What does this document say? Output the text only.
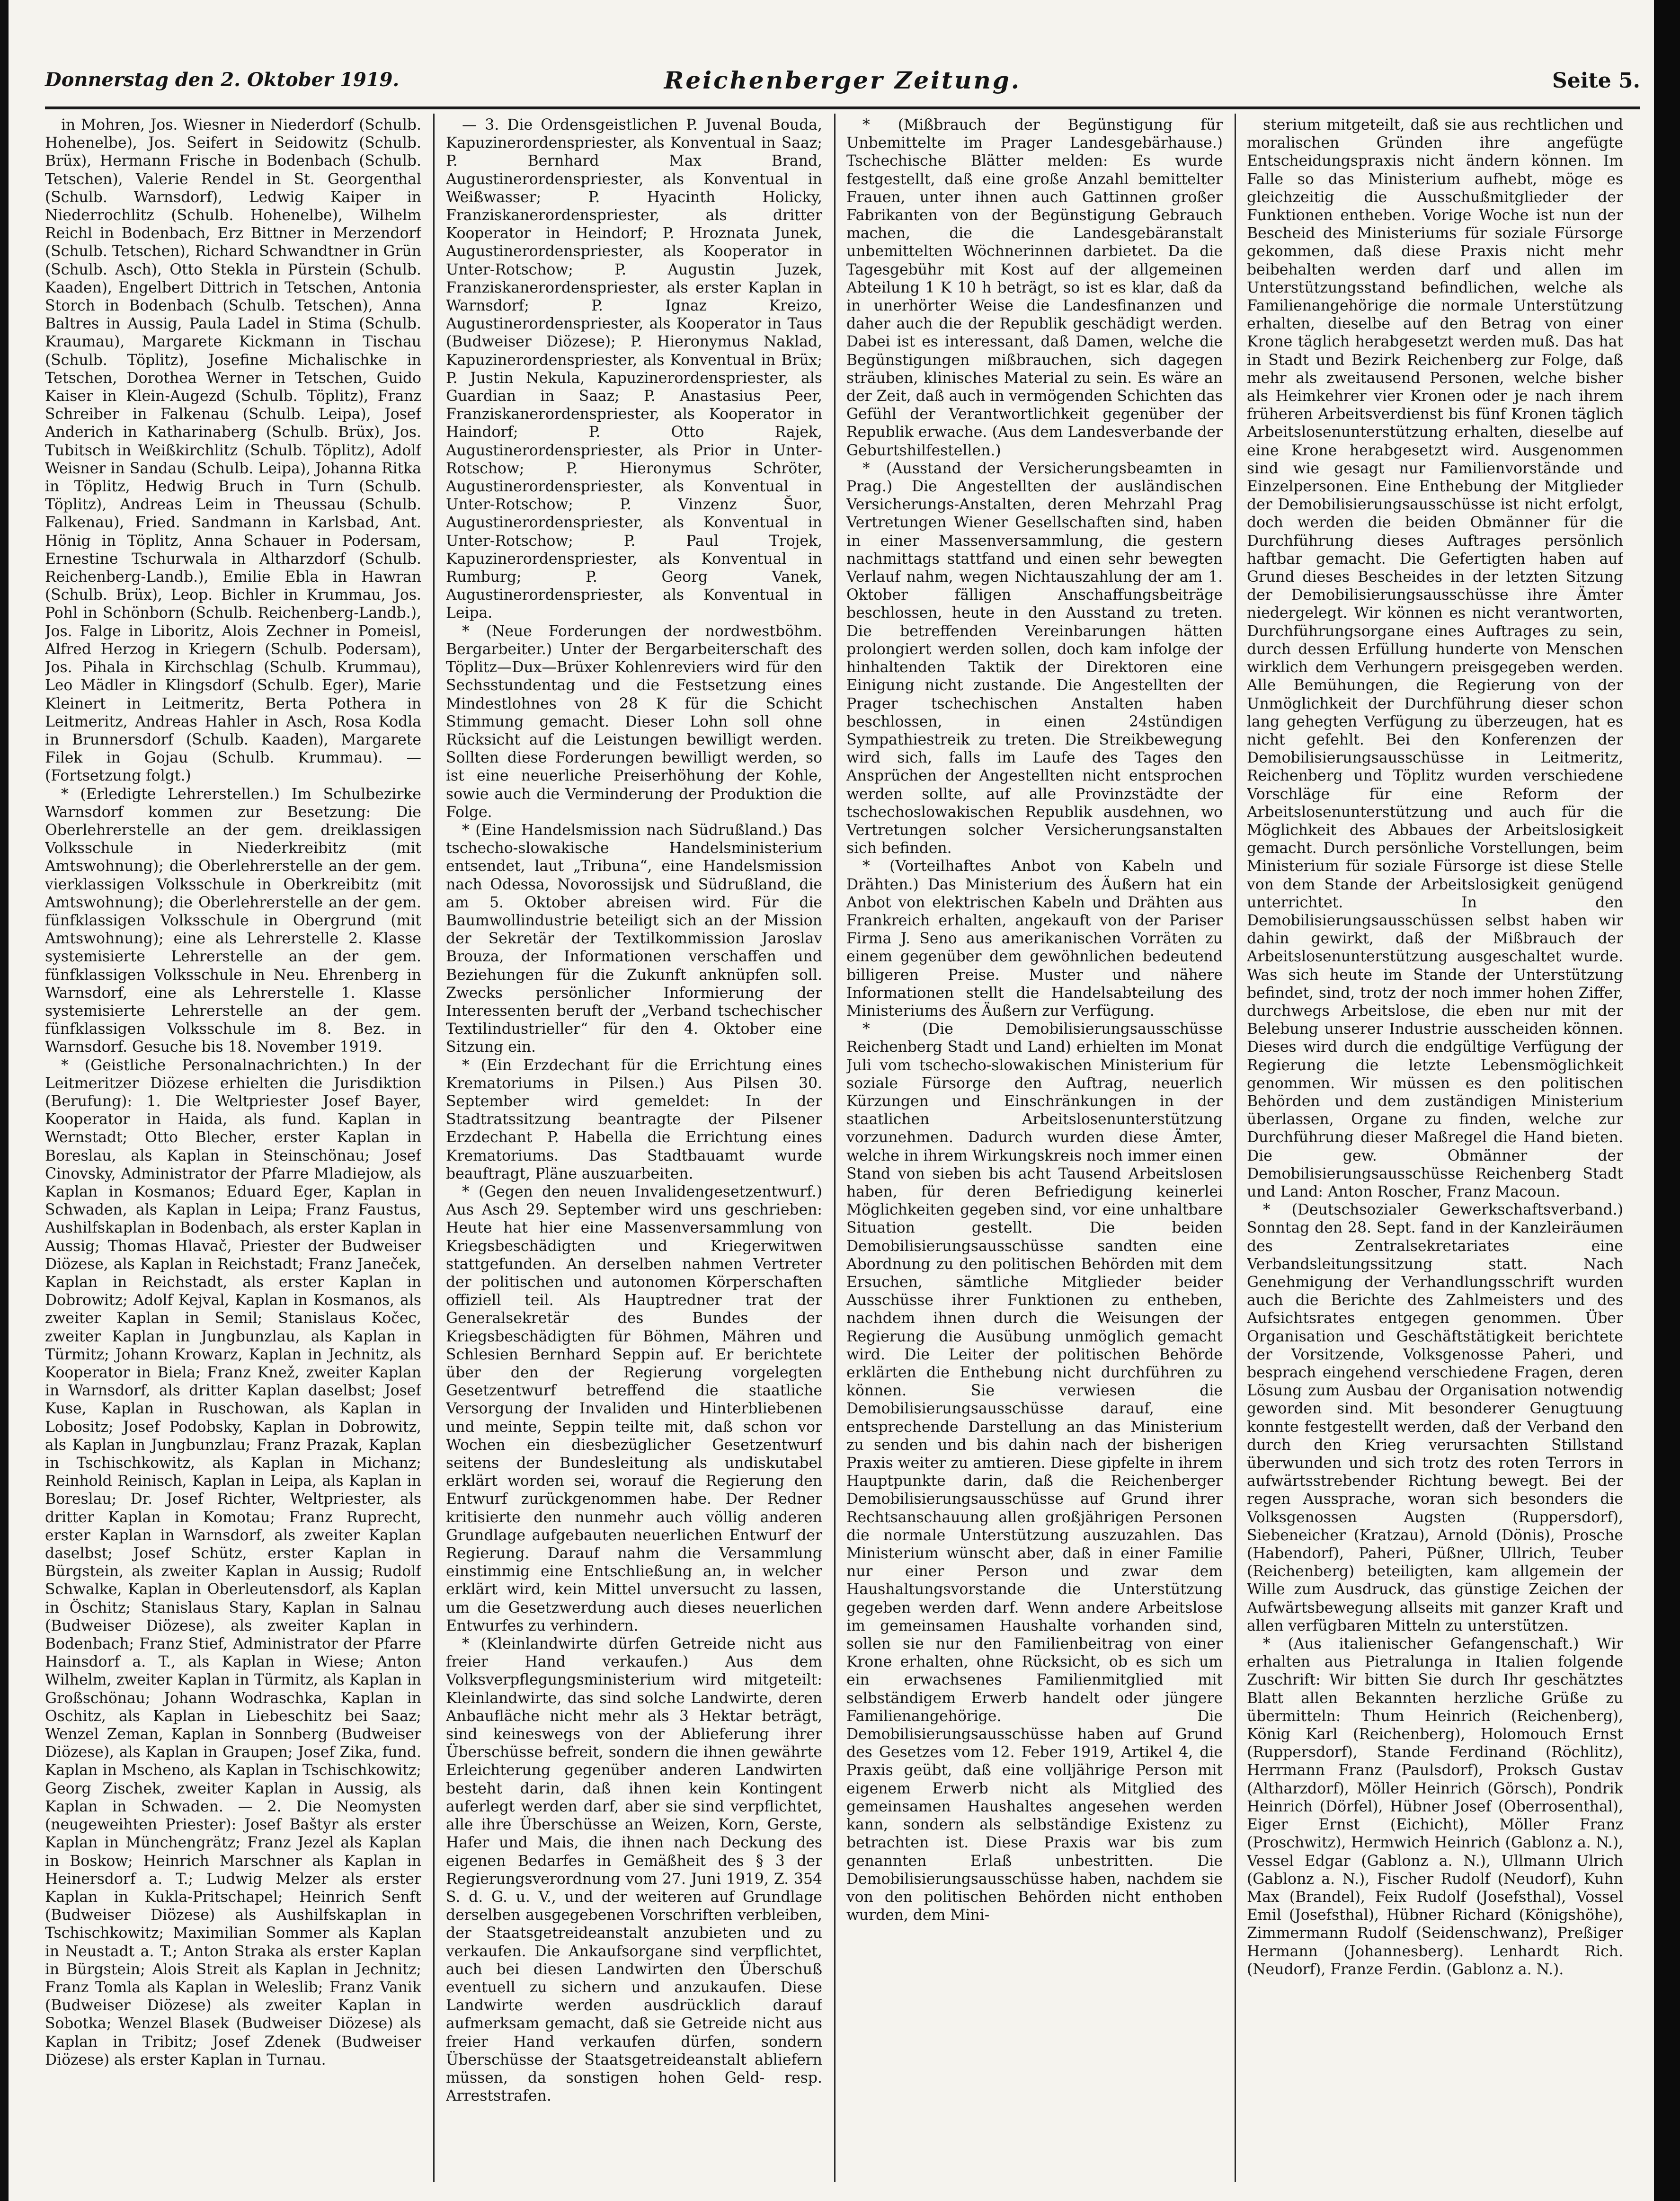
Donnerstag den 2. Oktober 1919.	Reichenberger Zeitung.	Seite 5.

in Mohren, Jos. Wiesner in Niederdorf (Schulb. Hohenelbe), Jos. Seifert in Seidowitz (Schulb. Brüx), Hermann Frische in Bodenbach (Schulb. Tetschen), Valerie Rendel in St. Georgenthal (Schulb. Warnsdorf), Ledwig Kaiper in Niederrochlitz (Schulb. Hohenelbe), Wilhelm Reichl in Bodenbach, Erz Bittner in Merzendorf (Schulb. Tetschen), Richard Schwandtner in Grün (Schulb. Asch), Otto Stekla in Pürstein (Schulb. Kaaden), Engelbert Dittrich in Tetschen, Antonia Storch in Bodenbach (Schulb. Tetschen), Anna Baltres in Aussig, Paula Ladel in Stima (Schulb. Kraumau), Margarete Kickmann in Tischau (Schulb. Töplitz), Josefine Michalischke in Tetschen, Dorothea Werner in Tetschen, Guido Kaiser in Klein-Augezd (Schulb. Töplitz), Franz Schreiber in Falkenau (Schulb. Leipa), Josef Anderich in Katharinaberg (Schulb. Brüx), Jos. Tubitsch in Weißkirchlitz (Schulb. Töplitz), Adolf Weisner in Sandau (Schulb. Leipa), Johanna Ritka in Töplitz, Hedwig Bruch in Turn (Schulb. Töplitz), Andreas Leim in Theussau (Schulb. Falkenau), Fried. Sandmann in Karlsbad, Ant. Hönig in Töplitz, Anna Schauer in Podersam, Ernestine Tschurwala in Altharzdorf (Schulb. Reichenberg-Landb.), Emilie Ebla in Hawran (Schulb. Brüx), Leop. Bichler in Krummau, Jos. Pohl in Schönborn (Schulb. Reichenberg-Landb.), Jos. Falge in Liboritz, Alois Zechner in Pomeisl, Alfred Herzog in Kriegern (Schulb. Podersam), Jos. Pihala in Kirchschlag (Schulb. Krummau), Leo Mädler in Klingsdorf (Schulb. Eger), Marie Kleinert in Leitmeritz, Berta Pothera in Leitmeritz, Andreas Hahler in Asch, Rosa Kodla in Brunnersdorf (Schulb. Kaaden), Margarete Filek in Gojau (Schulb. Krummau). — (Fortsetzung folgt.)

* (Erledigte Lehrerstellen.) Im Schulbezirke Warnsdorf kommen zur Besetzung: Die Oberlehrerstelle an der gem. dreiklassigen Volksschule in Niederkreibitz (mit Amtswohnung); die Oberlehrerstelle an der gem. vierklassigen Volksschule in Oberkreibitz (mit Amtswohnung); die Oberlehrerstelle an der gem. fünfklassigen Volksschule in Obergrund (mit Amtswohnung); eine als Lehrerstelle 2. Klasse systemisierte Lehrerstelle an der gem. fünfklassigen Volksschule in Neu. Ehrenberg in Warnsdorf, eine als Lehrerstelle 1. Klasse systemisierte Lehrerstelle an der gem. fünfklassigen Volksschule im 8. Bez. in Warnsdorf. Gesuche bis 18. November 1919.

* (Geistliche Personalnachrichten.) In der Leitmeritzer Diözese erhielten die Jurisdiktion (Berufung): 1. Die Weltpriester Josef Bayer, Kooperator in Haida, als fund. Kaplan in Wernstadt; Otto Blecher, erster Kaplan in Boreslau, als Kaplan in Steinschönau; Josef Cinovsky, Administrator der Pfarre Mladiejow, als Kaplan in Kosmanos; Eduard Eger, Kaplan in Schwaden, als Kaplan in Leipa; Franz Faustus, Aushilfskaplan in Bodenbach, als erster Kaplan in Aussig; Thomas Hlavač, Priester der Budweiser Diözese, als Kaplan in Reichstadt; Franz Janeček, Kaplan in Reichstadt, als erster Kaplan in Dobrowitz; Adolf Kejval, Kaplan in Kosmanos, als zweiter Kaplan in Semil; Stanislaus Kočec, zweiter Kaplan in Jungbunzlau, als Kaplan in Türmitz; Johann Krowarz, Kaplan in Jechnitz, als Kooperator in Biela; Franz Knež, zweiter Kaplan in Warnsdorf, als dritter Kaplan daselbst; Josef Kuse, Kaplan in Ruschowan, als Kaplan in Lobositz; Josef Podobsky, Kaplan in Dobrowitz, als Kaplan in Jungbunzlau; Franz Prazak, Kaplan in Tschischkowitz, als Kaplan in Michanz; Reinhold Reinisch, Kaplan in Leipa, als Kaplan in Boreslau; Dr. Josef Richter, Weltpriester, als dritter Kaplan in Komotau; Franz Ruprecht, erster Kaplan in Warnsdorf, als zweiter Kaplan daselbst; Josef Schütz, erster Kaplan in Bürgstein, als zweiter Kaplan in Aussig; Rudolf Schwalke, Kaplan in Oberleutensdorf, als Kaplan in Öschitz; Stanislaus Stary, Kaplan in Salnau (Budweiser Diözese), als zweiter Kaplan in Bodenbach; Franz Stief, Administrator der Pfarre Hainsdorf a. T., als Kaplan in Wiese; Anton Wilhelm, zweiter Kaplan in Türmitz, als Kaplan in Großschönau; Johann Wodraschka, Kaplan in Oschitz, als Kaplan in Liebeschitz bei Saaz; Wenzel Zeman, Kaplan in Sonnberg (Budweiser Diözese), als Kaplan in Graupen; Josef Zika, fund. Kaplan in Mscheno, als Kaplan in Tschischkowitz; Georg Zischek, zweiter Kaplan in Aussig, als Kaplan in Schwaden. — 2. Die Neomysten (neugeweihten Priester): Josef Baštyr als erster Kaplan in Münchengrätz; Franz Jezel als Kaplan in Boskow; Heinrich Marschner als Kaplan in Heinersdorf a. T.; Ludwig Melzer als erster Kaplan in Kukla-Pritschapel; Heinrich Senft (Budweiser Diözese) als Aushilfskaplan in Tschischkowitz; Maximilian Sommer als Kaplan in Neustadt a. T.; Anton Straka als erster Kaplan in Bürgstein; Alois Streit als Kaplan in Jechnitz; Franz Tomla als Kaplan in Weleslib; Franz Vanik (Budweiser Diözese) als zweiter Kaplan in Sobotka; Wenzel Blasek (Budweiser Diözese) als Kaplan in Tribitz; Josef Zdenek (Budweiser Diözese) als erster Kaplan in Turnau.

— 3. Die Ordensgeistlichen P. Juvenal Bouda, Kapuzinerordenspriester, als Konventual in Saaz; P. Bernhard Max Brand, Augustinerordenspriester, als Konventual in Weißwasser; P. Hyacinth Holicky, Franziskanerordenspriester, als dritter Kooperator in Heindorf; P. Hroznata Junek, Augustinerordenspriester, als Kooperator in Unter-Rotschow; P. Augustin Juzek, Franziskanerordenspriester, als erster Kaplan in Warnsdorf; P. Ignaz Kreizo, Augustinerordenspriester, als Kooperator in Taus (Budweiser Diözese); P. Hieronymus Naklad, Kapuzinerordenspriester, als Konventual in Brüx; P. Justin Nekula, Kapuzinerordenspriester, als Guardian in Saaz; P. Anastasius Peer, Franziskanerordenspriester, als Kooperator in Haindorf; P. Otto Rajek, Augustinerordenspriester, als Prior in Unter-Rotschow; P. Hieronymus Schröter, Augustinerordenspriester, als Konventual in Unter-Rotschow; P. Vinzenz Šuor, Augustinerordenspriester, als Konventual in Unter-Rotschow; P. Paul Trojek, Kapuzinerordenspriester, als Konventual in Rumburg; P. Georg Vanek, Augustinerordenspriester, als Konventual in Leipa.

* (Neue Forderungen der nordwestböhm. Bergarbeiter.) Unter der Bergarbeiterschaft des Töplitz—Dux—Brüxer Kohlenreviers wird für den Sechsstundentag und die Festsetzung eines Mindestlohnes von 28 K für die Schicht Stimmung gemacht. Dieser Lohn soll ohne Rücksicht auf die Leistungen bewilligt werden. Sollten diese Forderungen bewilligt werden, so ist eine neuerliche Preiserhöhung der Kohle, sowie auch die Verminderung der Produktion die Folge.

* (Eine Handelsmission nach Südrußland.) Das tschecho-slowakische Handelsministerium entsendet, laut „Tribuna“, eine Handelsmission nach Odessa, Novorossijsk und Südrußland, die am 5. Oktober abreisen wird. Für die Baumwollindustrie beteiligt sich an der Mission der Sekretär der Textilkommission Jaroslav Brouza, der Informationen verschaffen und Beziehungen für die Zukunft anknüpfen soll. Zwecks persönlicher Informierung der Interessenten beruft der „Verband tschechischer Textilindustrieller“ für den 4. Oktober eine Sitzung ein.

* (Ein Erzdechant für die Errichtung eines Krematoriums in Pilsen.) Aus Pilsen 30. September wird gemeldet: In der Stadtratssitzung beantragte der Pilsener Erzdechant P. Habella die Errichtung eines Krematoriums. Das Stadtbauamt wurde beauftragt, Pläne auszuarbeiten.

* (Gegen den neuen Invalidengesetzentwurf.) Aus Asch 29. September wird uns geschrieben: Heute hat hier eine Massenversammlung von Kriegsbeschädigten und Kriegerwitwen stattgefunden. An derselben nahmen Vertreter der politischen und autonomen Körperschaften offiziell teil. Als Hauptredner trat der Generalsekretär des Bundes der Kriegsbeschädigten für Böhmen, Mähren und Schlesien Bernhard Seppin auf. Er berichtete über den der Regierung vorgelegten Gesetzentwurf betreffend die staatliche Versorgung der Invaliden und Hinterbliebenen und meinte, Seppin teilte mit, daß schon vor Wochen ein diesbezüglicher Gesetzentwurf seitens der Bundesleitung als undiskutabel erklärt worden sei, worauf die Regierung den Entwurf zurückgenommen habe. Der Redner kritisierte den nunmehr auch völlig anderen Grundlage aufgebauten neuerlichen Entwurf der Regierung. Darauf nahm die Versammlung einstimmig eine Entschließung an, in welcher erklärt wird, kein Mittel unversucht zu lassen, um die Gesetzwerdung auch dieses neuerlichen Entwurfes zu verhindern.

* (Kleinlandwirte dürfen Getreide nicht aus freier Hand verkaufen.) Aus dem Volksverpflegungsministerium wird mitgeteilt: Kleinlandwirte, das sind solche Landwirte, deren Anbaufläche nicht mehr als 3 Hektar beträgt, sind keineswegs von der Ablieferung ihrer Überschüsse befreit, sondern die ihnen gewährte Erleichterung gegenüber anderen Landwirten besteht darin, daß ihnen kein Kontingent auferlegt werden darf, aber sie sind verpflichtet, alle ihre Überschüsse an Weizen, Korn, Gerste, Hafer und Mais, die ihnen nach Deckung des eigenen Bedarfes in Gemäßheit des § 3 der Regierungsverordnung vom 27. Juni 1919, Z. 354 S. d. G. u. V., und der weiteren auf Grundlage derselben ausgegebenen Vorschriften verbleiben, der Staatsgetreideanstalt anzubieten und zu verkaufen. Die Ankaufsorgane sind verpflichtet, auch bei diesen Landwirten den Überschuß eventuell zu sichern und anzukaufen. Diese Landwirte werden ausdrücklich darauf aufmerksam gemacht, daß sie Getreide nicht aus freier Hand verkaufen dürfen, sondern Überschüsse der Staatsgetreideanstalt abliefern müssen, da sonstigen hohen Geld- resp. Arreststrafen.

* (Mißbrauch der Begünstigung für Unbemittelte im Prager Landesgebärhause.) Tschechische Blätter melden: Es wurde festgestellt, daß eine große Anzahl bemittelter Frauen, unter ihnen auch Gattinnen großer Fabrikanten von der Begünstigung Gebrauch machen, die die Landesgebäranstalt unbemittelten Wöchnerinnen darbietet. Da die Tagesgebühr mit Kost auf der allgemeinen Abteilung 1 K 10 h beträgt, so ist es klar, daß da in unerhörter Weise die Landesfinanzen und daher auch die der Republik geschädigt werden. Dabei ist es interessant, daß Damen, welche die Begünstigungen mißbrauchen, sich dagegen sträuben, klinisches Material zu sein. Es wäre an der Zeit, daß auch in vermögenden Schichten das Gefühl der Verantwortlichkeit gegenüber der Republik erwache. (Aus dem Landesverbande der Geburtshilfestellen.)

* (Ausstand der Versicherungsbeamten in Prag.) Die Angestellten der ausländischen Versicherungs-Anstalten, deren Mehrzahl Prag Vertretungen Wiener Gesellschaften sind, haben in einer Massenversammlung, die gestern nachmittags stattfand und einen sehr bewegten Verlauf nahm, wegen Nichtauszahlung der am 1. Oktober fälligen Anschaffungsbeiträge beschlossen, heute in den Ausstand zu treten. Die betreffenden Vereinbarungen hätten prolongiert werden sollen, doch kam infolge der hinhaltenden Taktik der Direktoren eine Einigung nicht zustande. Die Angestellten der Prager tschechischen Anstalten haben beschlossen, in einen 24stündigen Sympathiestreik zu treten. Die Streikbewegung wird sich, falls im Laufe des Tages den Ansprüchen der Angestellten nicht entsprochen werden sollte, auf alle Provinzstädte der tschechoslowakischen Republik ausdehnen, wo Vertretungen solcher Versicherungsanstalten sich befinden.

* (Vorteilhaftes Anbot von Kabeln und Drähten.) Das Ministerium des Äußern hat ein Anbot von elektrischen Kabeln und Drähten aus Frankreich erhalten, angekauft von der Pariser Firma J. Seno aus amerikanischen Vorräten zu einem gegenüber dem gewöhnlichen bedeutend billigeren Preise. Muster und nähere Informationen stellt die Handelsabteilung des Ministeriums des Äußern zur Verfügung.

* (Die Demobilisierungsausschüsse Reichenberg Stadt und Land) erhielten im Monat Juli vom tschecho-slowakischen Ministerium für soziale Fürsorge den Auftrag, neuerlich Kürzungen und Einschränkungen in der staatlichen Arbeitslosenunterstützung vorzunehmen. Dadurch wurden diese Ämter, welche in ihrem Wirkungskreis noch immer einen Stand von sieben bis acht Tausend Arbeitslosen haben, für deren Befriedigung keinerlei Möglichkeiten gegeben sind, vor eine unhaltbare Situation gestellt. Die beiden Demobilisierungsausschüsse sandten eine Abordnung zu den politischen Behörden mit dem Ersuchen, sämtliche Mitglieder beider Ausschüsse ihrer Funktionen zu entheben, nachdem ihnen durch die Weisungen der Regierung die Ausübung unmöglich gemacht wird. Die Leiter der politischen Behörde erklärten die Enthebung nicht durchführen zu können. Sie verwiesen die Demobilisierungsausschüsse darauf, eine entsprechende Darstellung an das Ministerium zu senden und bis dahin nach der bisherigen Praxis weiter zu amtieren. Diese gipfelte in ihrem Hauptpunkte darin, daß die Reichenberger Demobilisierungsausschüsse auf Grund ihrer Rechtsanschauung allen großjährigen Personen die normale Unterstützung auszuzahlen. Das Ministerium wünscht aber, daß in einer Familie nur einer Person und zwar dem Haushaltungsvorstande die Unterstützung gegeben werden darf. Wenn andere Arbeitslose im gemeinsamen Haushalte vorhanden sind, sollen sie nur den Familienbeitrag von einer Krone erhalten, ohne Rücksicht, ob es sich um ein erwachsenes Familienmitglied mit selbständigem Erwerb handelt oder jüngere Familienangehörige. Die Demobilisierungsausschüsse haben auf Grund des Gesetzes vom 12. Feber 1919, Artikel 4, die Praxis geübt, daß eine volljährige Person mit eigenem Erwerb nicht als Mitglied des gemeinsamen Haushaltes angesehen werden kann, sondern als selbständige Existenz zu betrachten ist. Diese Praxis war bis zum genannten Erlaß unbestritten. Die Demobilisierungsausschüsse haben, nachdem sie von den politischen Behörden nicht enthoben wurden, dem Mini-

sterium mitgeteilt, daß sie aus rechtlichen und moralischen Gründen ihre angefügte Entscheidungspraxis nicht ändern können. Im Falle so das Ministerium aufhebt, möge es gleichzeitig die Ausschußmitglieder der Funktionen entheben. Vorige Woche ist nun der Bescheid des Ministeriums für soziale Fürsorge gekommen, daß diese Praxis nicht mehr beibehalten werden darf und allen im Unterstützungsstand befindlichen, welche als Familienangehörige die normale Unterstützung erhalten, dieselbe auf den Betrag von einer Krone täglich herabgesetzt werden muß. Das hat in Stadt und Bezirk Reichenberg zur Folge, daß mehr als zweitausend Personen, welche bisher als Heimkehrer vier Kronen oder je nach ihrem früheren Arbeitsverdienst bis fünf Kronen täglich Arbeitslosenunterstützung erhalten, dieselbe auf eine Krone herabgesetzt wird. Ausgenommen sind wie gesagt nur Familienvorstände und Einzelpersonen. Eine Enthebung der Mitglieder der Demobilisierungsausschüsse ist nicht erfolgt, doch werden die beiden Obmänner für die Durchführung dieses Auftrages persönlich haftbar gemacht. Die Gefertigten haben auf Grund dieses Bescheides in der letzten Sitzung der Demobilisierungsausschüsse ihre Ämter niedergelegt. Wir können es nicht verantworten, Durchführungsorgane eines Auftrages zu sein, durch dessen Erfüllung hunderte von Menschen wirklich dem Verhungern preisgegeben werden. Alle Bemühungen, die Regierung von der Unmöglichkeit der Durchführung dieser schon lang gehegten Verfügung zu überzeugen, hat es nicht gefehlt. Bei den Konferenzen der Demobilisierungsausschüsse in Leitmeritz, Reichenberg und Töplitz wurden verschiedene Vorschläge für eine Reform der Arbeitslosenunterstützung und auch für die Möglichkeit des Abbaues der Arbeitslosigkeit gemacht. Durch persönliche Vorstellungen, beim Ministerium für soziale Fürsorge ist diese Stelle von dem Stande der Arbeitslosigkeit genügend unterrichtet. In den Demobilisierungsausschüssen selbst haben wir dahin gewirkt, daß der Mißbrauch der Arbeitslosenunterstützung ausgeschaltet wurde. Was sich heute im Stande der Unterstützung befindet, sind, trotz der noch immer hohen Ziffer, durchwegs Arbeitslose, die eben nur mit der Belebung unserer Industrie ausscheiden können. Dieses wird durch die endgültige Verfügung der Regierung die letzte Lebensmöglichkeit genommen. Wir müssen es den politischen Behörden und dem zuständigen Ministerium überlassen, Organe zu finden, welche zur Durchführung dieser Maßregel die Hand bieten. Die gew. Obmänner der Demobilisierungsausschüsse Reichenberg Stadt und Land: Anton Roscher, Franz Macoun.

* (Deutschsozialer Gewerkschaftsverband.) Sonntag den 28. Sept. fand in der Kanzleiräumen des Zentralsekretariates eine Verbandsleitungssitzung statt. Nach Genehmigung der Verhandlungsschrift wurden auch die Berichte des Zahlmeisters und des Aufsichtsrates entgegen genommen. Über Organisation und Geschäftstätigkeit berichtete der Vorsitzende, Volksgenosse Paheri, und besprach eingehend verschiedene Fragen, deren Lösung zum Ausbau der Organisation notwendig geworden sind. Mit besonderer Genugtuung konnte festgestellt werden, daß der Verband den durch den Krieg verursachten Stillstand überwunden und sich trotz des roten Terrors in aufwärtsstrebender Richtung bewegt. Bei der regen Aussprache, woran sich besonders die Volksgenossen Augsten (Ruppersdorf), Siebeneicher (Kratzau), Arnold (Dönis), Prosche (Habendorf), Paheri, Püßner, Ullrich, Teuber (Reichenberg) beteiligten, kam allgemein der Wille zum Ausdruck, das günstige Zeichen der Aufwärtsbewegung allseits mit ganzer Kraft und allen verfügbaren Mitteln zu unterstützen.

* (Aus italienischer Gefangenschaft.) Wir erhalten aus Pietralunga in Italien folgende Zuschrift: Wir bitten Sie durch Ihr geschätztes Blatt allen Bekannten herzliche Grüße zu übermitteln: Thum Heinrich (Reichenberg), König Karl (Reichenberg), Holomouch Ernst (Ruppersdorf), Stande Ferdinand (Röchlitz), Herrmann Franz (Paulsdorf), Proksch Gustav (Altharzdorf), Möller Heinrich (Görsch), Pondrik Heinrich (Dörfel), Hübner Josef (Oberrosenthal), Eiger Ernst (Eichicht), Möller Franz (Proschwitz), Hermwich Heinrich (Gablonz a. N.), Vessel Edgar (Gablonz a. N.), Ullmann Ulrich (Gablonz a. N.), Fischer Rudolf (Neudorf), Kuhn Max (Brandel), Feix Rudolf (Josefsthal), Vossel Emil (Josefsthal), Hübner Richard (Königshöhe), Zimmermann Rudolf (Seidenschwanz), Preßiger Hermann (Johannesberg). Lenhardt Rich. (Neudorf), Franze Ferdin. (Gablonz a. N.).
